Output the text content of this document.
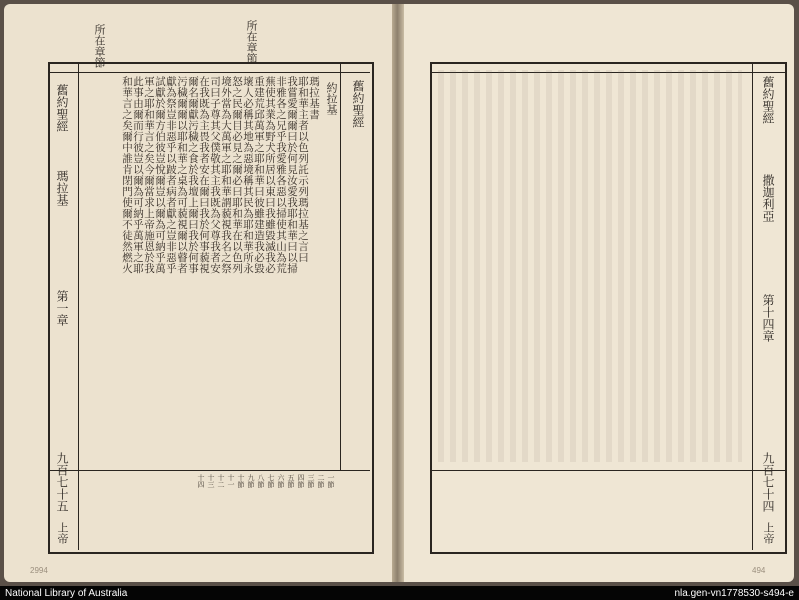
所在章節	所在章節
舊約聖經
舊約聖經
瑪拉基
第一章
九百七十五
上帝
約拉基
瑪拉基書
耶和華主者以色列託示列瑪拉基之言曰
我嘗愛爾爾曰於何見汝愛我耶和華曰以掃
非雅各之兄乎我愛雅各惡以掃使其山為荒
蕪使其業為野犬所居以東曰我雖毀滅我必
重建荒邱萬軍之耶和華曰彼雖建造我必毀
壞人必稱其地為惡境稱其民為耶和華所永
怒之民爾目必見之爾必曰耶和華在以色列
境外當為大萬軍之耶和華謂藐視我名之祭
司曰子尊其父僕敬其主我既為父尊我者安
在我既為主畏我者安在爾曰我於何事藐視
爾名爾獻污穢之食於我壇上爾曰我於何事
污穢爾爾以耶和華之桌為可藐視爾以瞽者
獻為祭豈非惡乎以跛者病者獻之豈非惡乎
試獻於爾方伯彼豈悅爾豈以爾為可納乎萬
軍之耶和華言之矣今爾當求上帝施恩於我
此事由爾而行彼豈以爾為可納乎萬軍之耶
和華言之矣爾中誰肯閉門使爾不徒然燃火
一節
二節
三節
四節
五節
六節
七節
八節
九節
十節
十一
十二
十三
十四
2994
舊約聖經
撒迦利亞
第十四章
九百七十四
上帝
494
National Library of Australia	nla.gen-vn1778530-s494-e
